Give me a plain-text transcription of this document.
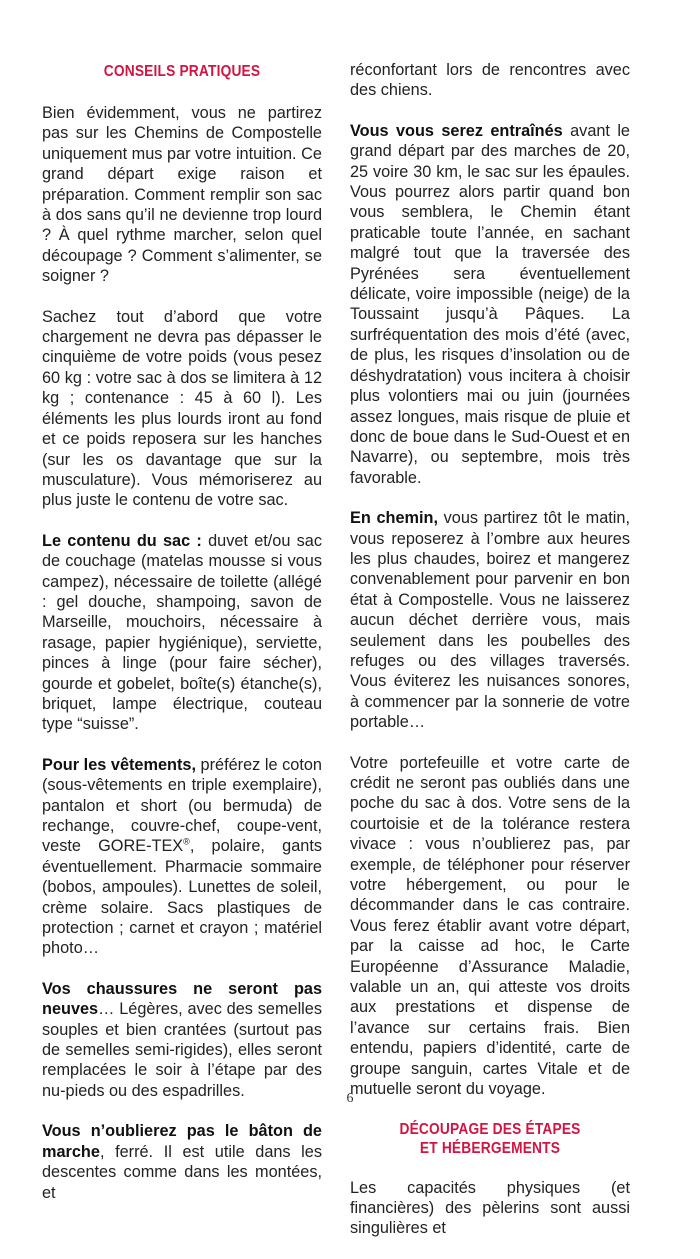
CONSEILS PRATIQUES

Bien évidemment, vous ne partirez pas sur les Chemins de Compostelle uniquement mus par votre intuition. Ce grand départ exige raison et préparation. Comment remplir son sac à dos sans qu’il ne devienne trop lourd ? À quel rythme marcher, selon quel découpage ? Comment s’alimenter, se soigner ?

Sachez tout d’abord que votre chargement ne devra pas dépasser le cinquième de votre poids (vous pesez 60 kg : votre sac à dos se limitera à 12 kg ; contenance : 45 à 60 l). Les éléments les plus lourds iront au fond et ce poids reposera sur les hanches (sur les os davantage que sur la musculature). Vous mémoriserez au plus juste le contenu de votre sac.

Le contenu du sac : duvet et/ou sac de couchage (matelas mousse si vous campez), nécessaire de toilette (allégé : gel douche, shampoing, savon de Marseille, mouchoirs, nécessaire à rasage, papier hygiénique), serviette, pinces à linge (pour faire sécher), gourde et gobelet, boîte(s) étanche(s), briquet, lampe électrique, couteau type “suisse”.

Pour les vêtements, préférez le coton (sous-vêtements en triple exemplaire), pantalon et short (ou bermuda) de rechange, couvre-chef, coupe-vent, veste GORE-TEX®, polaire, gants éventuellement. Pharmacie sommaire (bobos, ampoules). Lunettes de soleil, crème solaire. Sacs plastiques de protection ; carnet et crayon ; matériel photo…

Vos chaussures ne seront pas neuves… Légères, avec des semelles souples et bien crantées (surtout pas de semelles semi-rigides), elles seront remplacées le soir à l’étape par des nu-pieds ou des espadrilles.

Vous n’oublierez pas le bâton de marche, ferré. Il est utile dans les descentes comme dans les montées, et

réconfortant lors de rencontres avec des chiens.

Vous vous serez entraînés avant le grand départ par des marches de 20, 25 voire 30 km, le sac sur les épaules. Vous pourrez alors partir quand bon vous semblera, le Chemin étant praticable toute l’année, en sachant malgré tout que la traversée des Pyrénées sera éventuellement délicate, voire impossible (neige) de la Toussaint jusqu’à Pâques. La surfréquentation des mois d’été (avec, de plus, les risques d’insolation ou de déshydratation) vous incitera à choisir plus volontiers mai ou juin (journées assez longues, mais risque de pluie et donc de boue dans le Sud-Ouest et en Navarre), ou septembre, mois très favorable.

En chemin, vous partirez tôt le matin, vous reposerez à l’ombre aux heures les plus chaudes, boirez et mangerez convenablement pour parvenir en bon état à Compostelle. Vous ne laisserez aucun déchet derrière vous, mais seulement dans les poubelles des refuges ou des villages traversés. Vous éviterez les nuisances sonores, à commencer par la sonnerie de votre portable…

Votre portefeuille et votre carte de crédit ne seront pas oubliés dans une poche du sac à dos. Votre sens de la courtoisie et de la tolérance restera vivace : vous n’oublierez pas, par exemple, de téléphoner pour réserver votre hébergement, ou pour le décommander dans le cas contraire. Vous ferez établir avant votre départ, par la caisse ad hoc, le Carte Européenne d’Assurance Maladie, valable un an, qui atteste vos droits aux prestations et dispense de l’avance sur certains frais. Bien entendu, papiers d’identité, carte de groupe sanguin, cartes Vitale et de mutuelle seront du voyage.

DÉCOUPAGE DES ÉTAPES
ET HÉBERGEMENTS

Les capacités physiques (et financières) des pèlerins sont aussi singulières et

6
